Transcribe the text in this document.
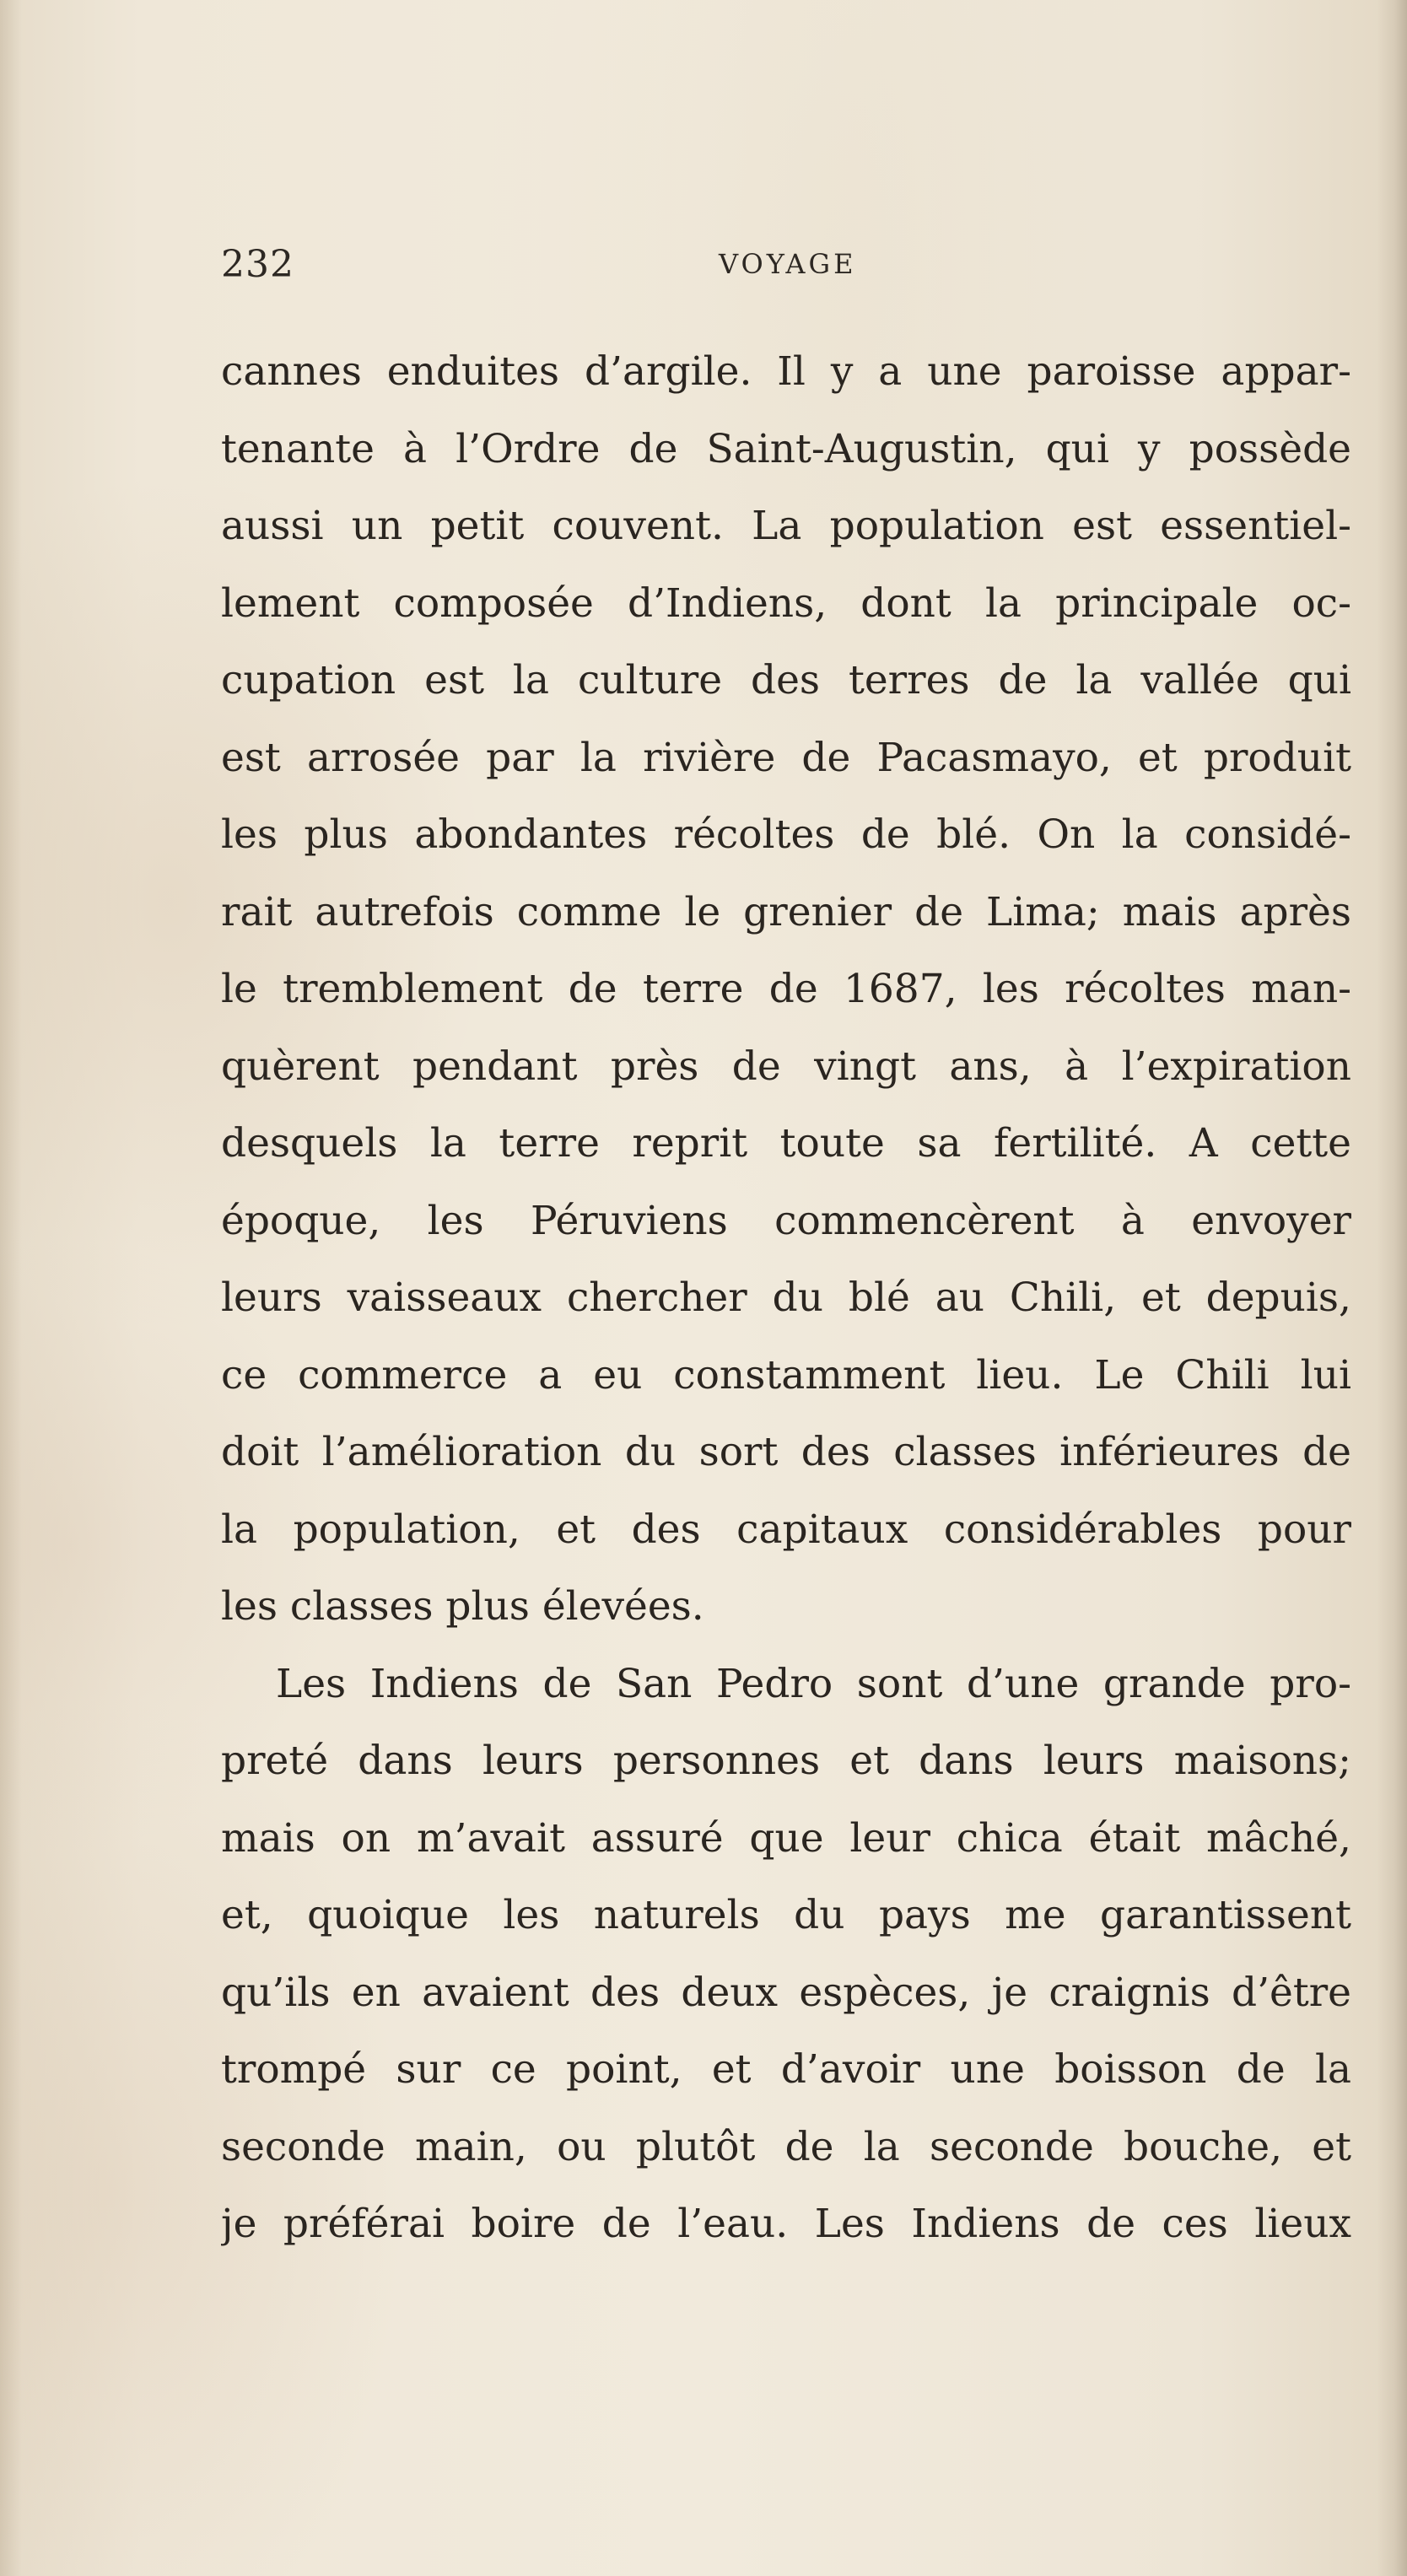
232	VOYAGE
cannes enduites d’argile. Il y a une paroisse appar-
tenante à l’Ordre de Saint-Augustin, qui y possède
aussi un petit couvent. La population est essentiel-
lement composée d’Indiens, dont la principale oc-
cupation est la culture des terres de la vallée qui
est arrosée par la rivière de Pacasmayo, et produit
les plus abondantes récoltes de blé. On la considé-
rait autrefois comme le grenier de Lima; mais après
le tremblement de terre de 1687, les récoltes man-
quèrent pendant près de vingt ans, à l’expiration
desquels la terre reprit toute sa fertilité. A cette
époque, les Péruviens commencèrent à envoyer
leurs vaisseaux chercher du blé au Chili, et depuis,
ce commerce a eu constamment lieu. Le Chili lui
doit l’amélioration du sort des classes inférieures de
la population, et des capitaux considérables pour
les classes plus élevées.
Les Indiens de San Pedro sont d’une grande pro-
preté dans leurs personnes et dans leurs maisons;
mais on m’avait assuré que leur chica était mâché,
et, quoique les naturels du pays me garantissent
qu’ils en avaient des deux espèces, je craignis d’être
trompé sur ce point, et d’avoir une boisson de la
seconde main, ou plutôt de la seconde bouche, et
je préférai boire de l’eau. Les Indiens de ces lieux
